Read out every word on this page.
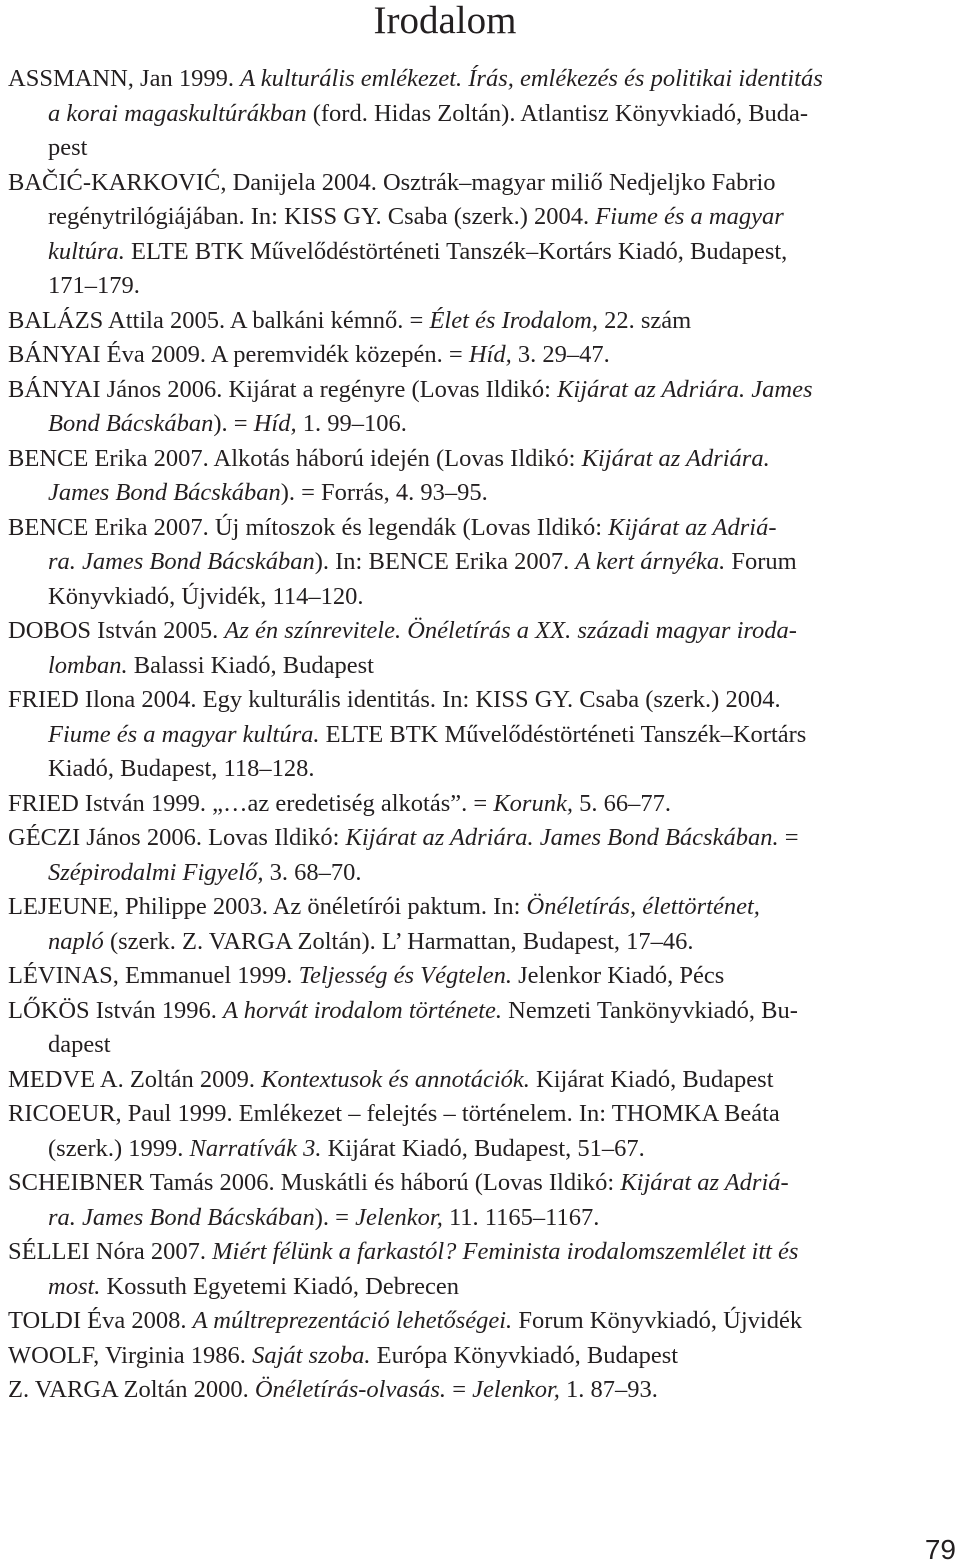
Irodalom
ASSMANN, Jan 1999. A kulturális emlékezet. Írás, emlékezés és politikai identitás
a korai magaskultúrákban (ford. Hidas Zoltán). Atlantisz Könyvkiadó, Buda-
pest
BAČIĆ-KARKOVIĆ, Danijela 2004. Osztrák–magyar miliő Nedjeljko Fabrio
regénytrilógiájában. In: KISS GY. Csaba (szerk.) 2004. Fiume és a magyar
kultúra. ELTE BTK Művelődéstörténeti Tanszék–Kortárs Kiadó, Budapest,
171–179.
BALÁZS Attila 2005. A balkáni kémnő. = Élet és Irodalom, 22. szám
BÁNYAI Éva 2009. A peremvidék közepén. = Híd, 3. 29–47.
BÁNYAI János 2006. Kijárat a regényre (Lovas Ildikó: Kijárat az Adriára. James
Bond Bácskában). = Híd, 1. 99–106.
BENCE Erika 2007. Alkotás háború idején (Lovas Ildikó: Kijárat az Adriára.
James Bond Bácskában). = Forrás, 4. 93–95.
BENCE Erika 2007. Új mítoszok és legendák (Lovas Ildikó: Kijárat az Adriá-
ra. James Bond Bácskában). In: BENCE Erika 2007. A kert árnyéka. Forum
Könyvkiadó, Újvidék, 114–120.
DOBOS István 2005. Az én színrevitele. Önéletírás a XX. századi magyar iroda-
lomban. Balassi Kiadó, Budapest
FRIED Ilona 2004. Egy kulturális identitás. In: KISS GY. Csaba (szerk.) 2004.
Fiume és a magyar kultúra. ELTE BTK Művelődéstörténeti Tanszék–Kortárs
Kiadó, Budapest, 118–128.
FRIED István 1999. „…az eredetiség alkotás”. = Korunk, 5. 66–77.
GÉCZI János 2006. Lovas Ildikó: Kijárat az Adriára. James Bond Bácskában. =
Szépirodalmi Figyelő, 3. 68–70.
LEJEUNE, Philippe 2003. Az önéletírói paktum. In: Önéletírás, élettörténet,
napló (szerk. Z. VARGA Zoltán). L’ Harmattan, Budapest, 17–46.
LÉVINAS, Emmanuel 1999. Teljesség és Végtelen. Jelenkor Kiadó, Pécs
LŐKÖS István 1996. A horvát irodalom története. Nemzeti Tankönyvkiadó, Bu-
dapest
MEDVE A. Zoltán 2009. Kontextusok és annotációk. Kijárat Kiadó, Budapest
RICOEUR, Paul 1999. Emlékezet – felejtés – történelem. In: THOMKA Beáta
(szerk.) 1999. Narratívák 3. Kijárat Kiadó, Budapest, 51–67.
SCHEIBNER Tamás 2006. Muskátli és háború (Lovas Ildikó: Kijárat az Adriá-
ra. James Bond Bácskában). = Jelenkor, 11. 1165–1167.
SÉLLEI Nóra 2007. Miért félünk a farkastól? Feminista irodalomszemlélet itt és
most. Kossuth Egyetemi Kiadó, Debrecen
TOLDI Éva 2008. A múltreprezentáció lehetőségei. Forum Könyvkiadó, Újvidék
WOOLF, Virginia 1986. Saját szoba. Európa Könyvkiadó, Budapest
Z. VARGA Zoltán 2000. Önéletírás-olvasás. = Jelenkor, 1. 87–93.
79
